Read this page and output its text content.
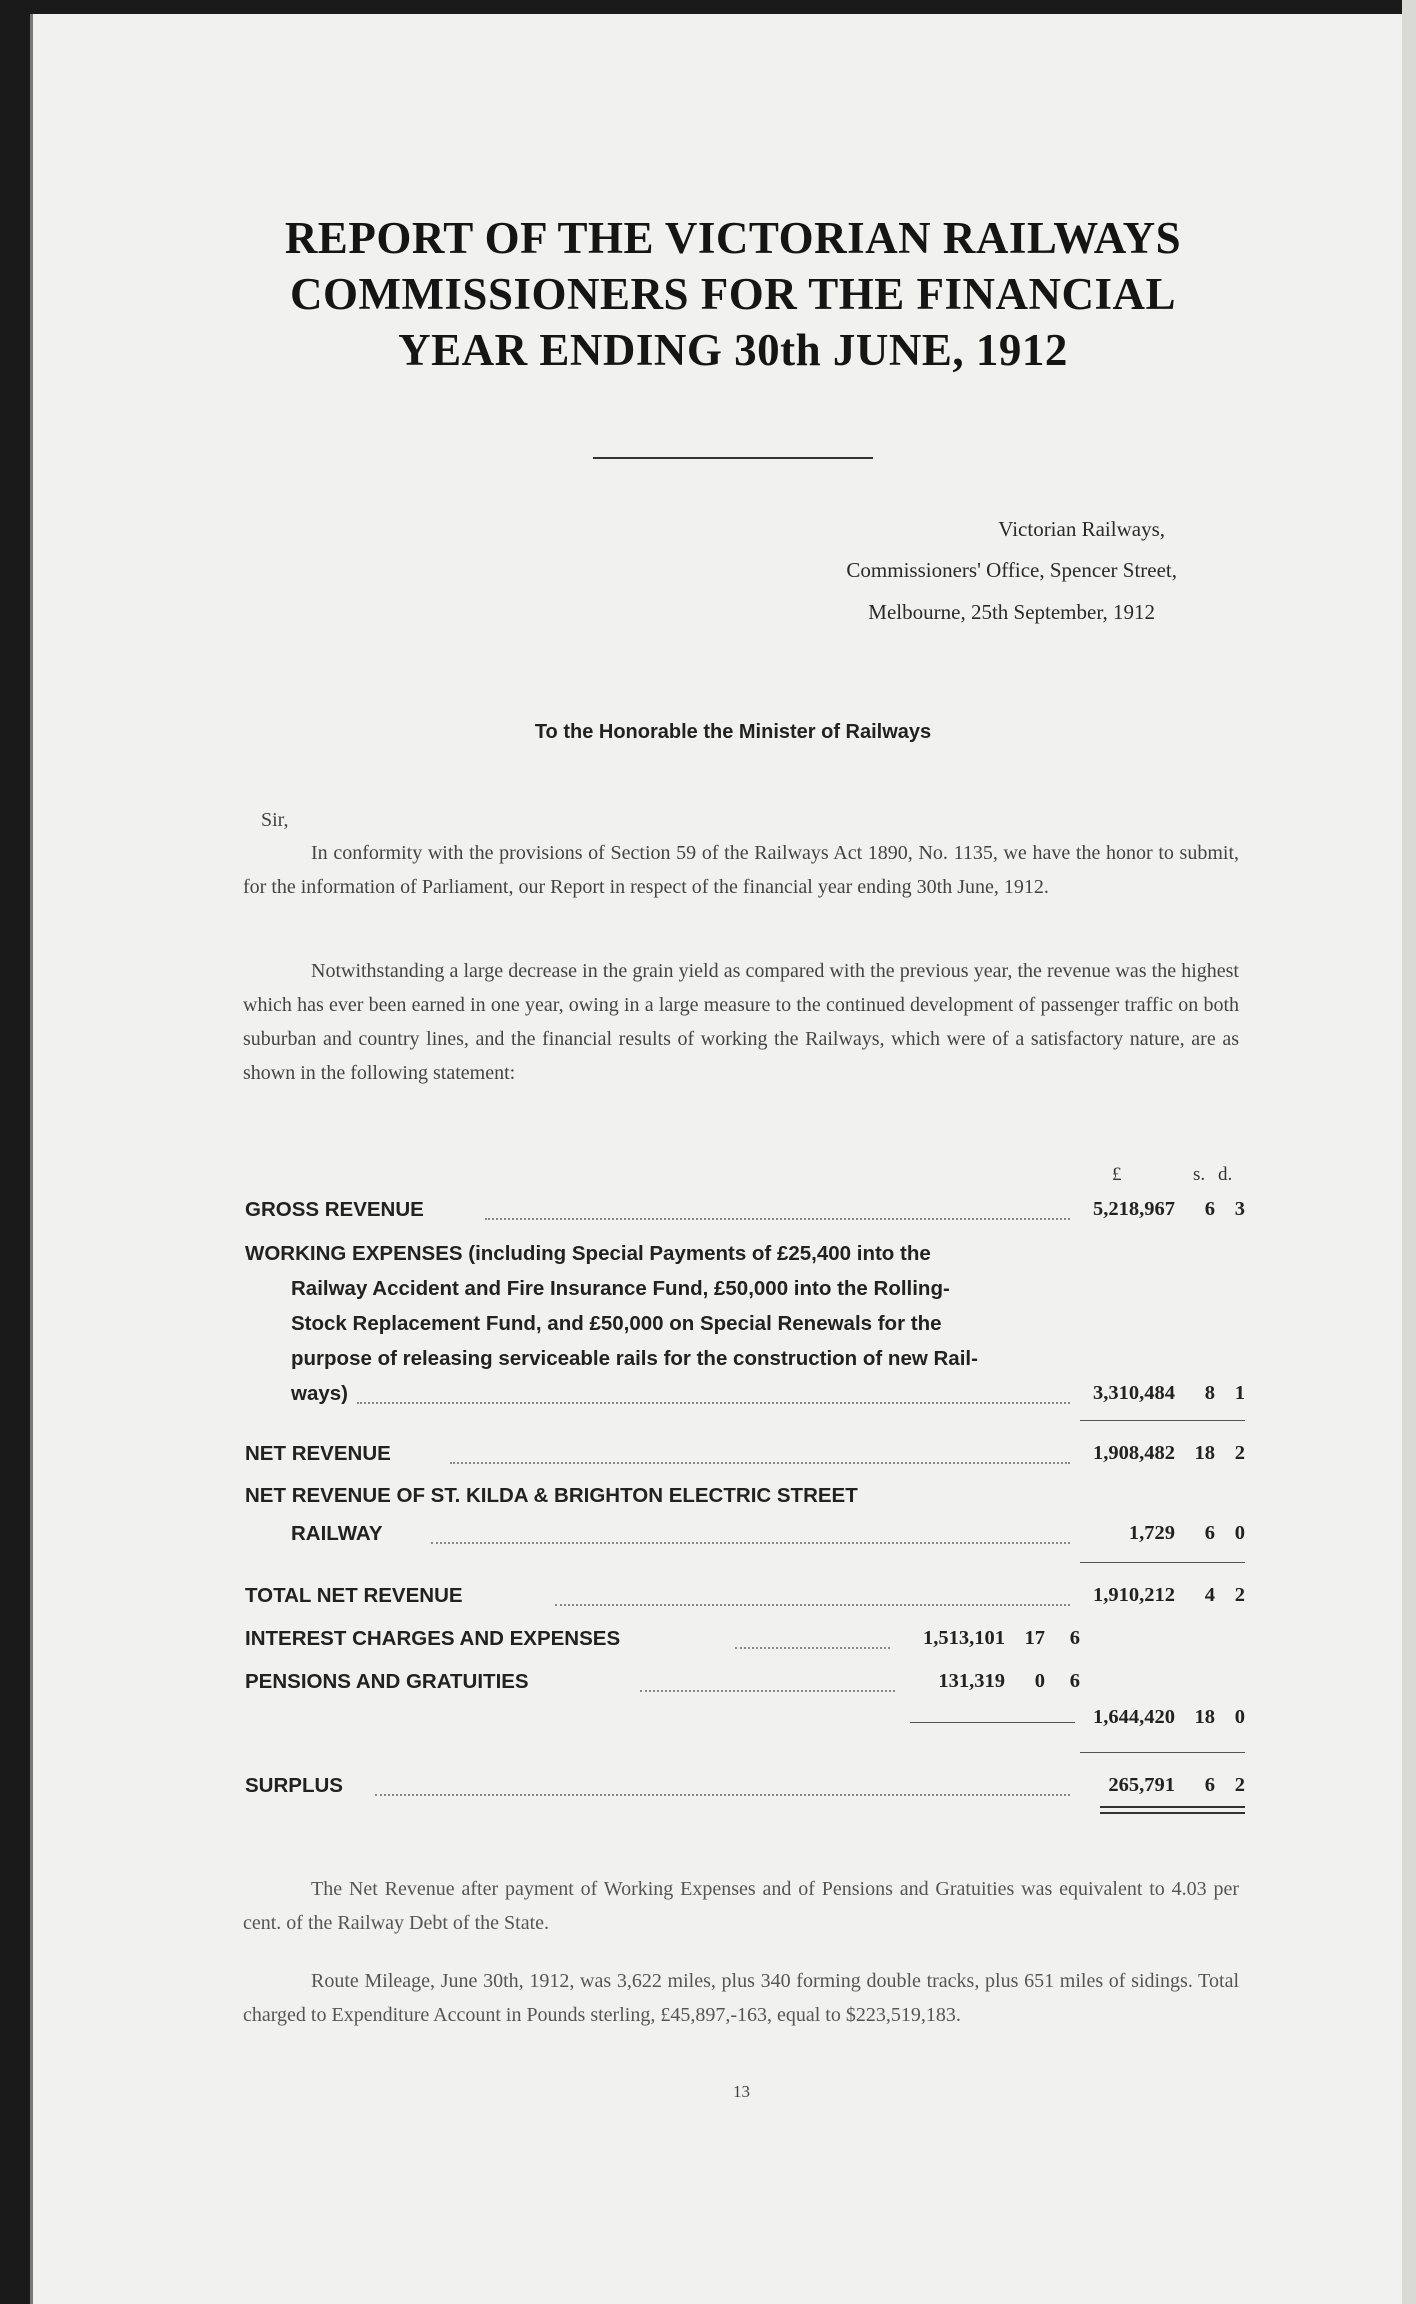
REPORT OF THE VICTORIAN RAILWAYS
COMMISSIONERS FOR THE FINANCIAL
YEAR ENDING 30th JUNE, 1912
Victorian Railways,
Commissioners' Office, Spencer Street,
Melbourne, 25th September, 1912
To the Honorable the Minister of Railways
Sir,

In conformity with the provisions of Section 59 of the Railways Act 1890, No. 1135, we have the honor to submit, for the information of Parliament, our Report in respect of the financial year ending 30th June, 1912.

Notwithstanding a large decrease in the grain yield as compared with the previous year, the revenue was the highest which has ever been earned in one year, owing in a large measure to the continued development of passenger traffic on both suburban and country lines, and the financial results of working the Railways, which were of a satisfactory nature, are as shown in the following statement:

£	s. d.
GROSS REVENUE	5,218,967 6 3
WORKING EXPENSES (including Special Payments of £25,400 into the
Railway Accident and Fire Insurance Fund, £50,000 into the Rolling-
Stock Replacement Fund, and £50,000 on Special Renewals for the
purpose of releasing serviceable rails for the construction of new Rail-
ways)	3,310,484 8 1
NET REVENUE	1,908,482 18 2
NET REVENUE OF ST. KILDA & BRIGHTON ELECTRIC STREET
RAILWAY	1,729 6 0
TOTAL NET REVENUE	1,910,212 4 2
INTEREST CHARGES AND EXPENSES	1,513,101 17 6
PENSIONS AND GRATUITIES	131,319 0 6
1,644,420 18 0
SURPLUS	265,791 6 2

The Net Revenue after payment of Working Expenses and of Pensions and Gratuities was equivalent to 4.03 per cent. of the Railway Debt of the State.

Route Mileage, June 30th, 1912, was 3,622 miles, plus 340 forming double tracks, plus 651 miles of sidings. Total charged to Expenditure Account in Pounds sterling, £45,897,-163, equal to $223,519,183.

13
